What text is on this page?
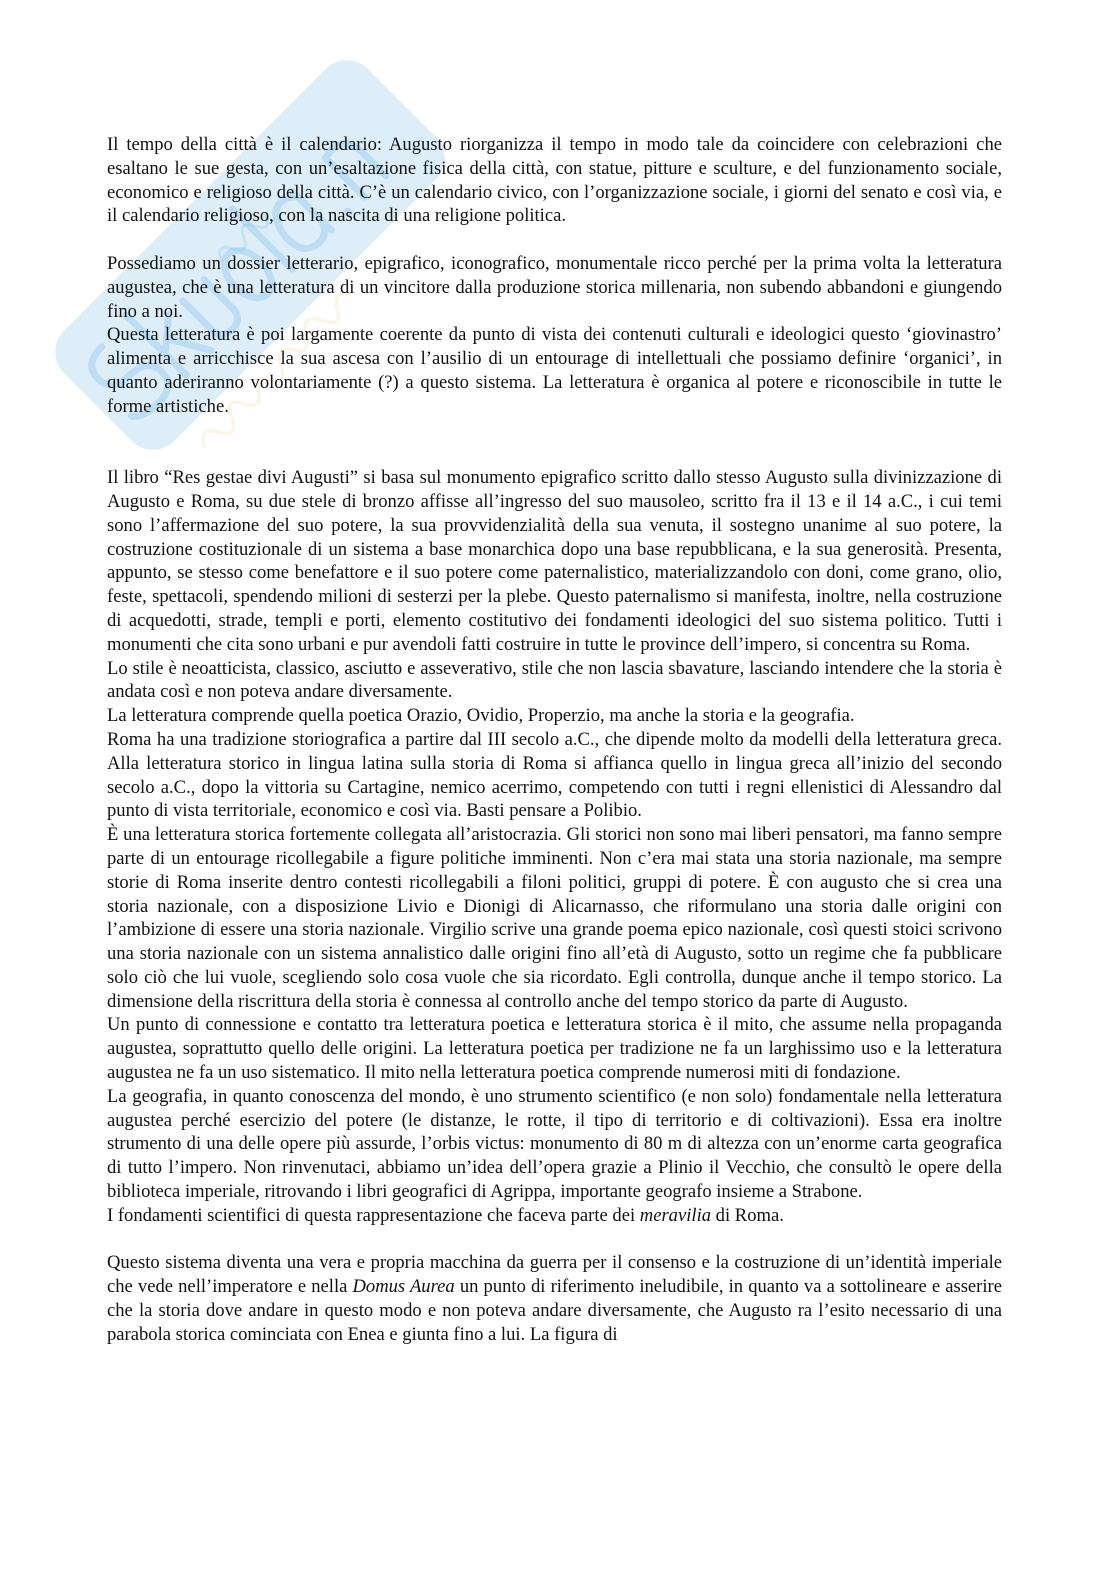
Il tempo della città è il calendario: Augusto riorganizza il tempo in modo tale da coincidere con celebrazioni che esaltano le sue gesta, con un’esaltazione fisica della città, con statue, pitture e sculture, e del funzionamento sociale, economico e religioso della città. C’è un calendario civico, con l’organizzazione sociale, i giorni del senato e così via, e il calendario religioso, con la nascita di una religione politica.

Possediamo un dossier letterario, epigrafico, iconografico, monumentale ricco perché per la prima volta la letteratura augustea, che è una letteratura di un vincitore dalla produzione storica millenaria, non subendo abbandoni e giungendo fino a noi.

Questa letteratura è poi largamente coerente da punto di vista dei contenuti culturali e ideologici questo ‘giovinastro’ alimenta e arricchisce la sua ascesa con l’ausilio di un entourage di intellettuali che possiamo definire ‘organici’, in quanto aderiranno volontariamente (?) a questo sistema. La letteratura è organica al potere e riconoscibile in tutte le forme artistiche.

Il libro “Res gestae divi Augusti” si basa sul monumento epigrafico scritto dallo stesso Augusto sulla divinizzazione di Augusto e Roma, su due stele di bronzo affisse all’ingresso del suo mausoleo, scritto fra il 13 e il 14 a.C., i cui temi sono l’affermazione del suo potere, la sua provvidenzialità della sua venuta, il sostegno unanime al suo potere, la costruzione costituzionale di un sistema a base monarchica dopo una base repubblicana, e la sua generosità. Presenta, appunto, se stesso come benefattore e il suo potere come paternalistico, materializzandolo con doni, come grano, olio, feste, spettacoli, spendendo milioni di sesterzi per la plebe. Questo paternalismo si manifesta, inoltre, nella costruzione di acquedotti, strade, templi e porti, elemento costitutivo dei fondamenti ideologici del suo sistema politico. Tutti i monumenti che cita sono urbani e pur avendoli fatti costruire in tutte le province dell’impero, si concentra su Roma.

Lo stile è neoatticista, classico, asciutto e asseverativo, stile che non lascia sbavature, lasciando intendere che la storia è andata così e non poteva andare diversamente.

La letteratura comprende quella poetica Orazio, Ovidio, Properzio, ma anche la storia e la geografia.

Roma ha una tradizione storiografica a partire dal III secolo a.C., che dipende molto da modelli della letteratura greca. Alla letteratura storico in lingua latina sulla storia di Roma si affianca quello in lingua greca all’inizio del secondo secolo a.C., dopo la vittoria su Cartagine, nemico acerrimo, competendo con tutti i regni ellenistici di Alessandro dal punto di vista territoriale, economico e così via. Basti pensare a Polibio.

È una letteratura storica fortemente collegata all’aristocrazia. Gli storici non sono mai liberi pensatori, ma fanno sempre parte di un entourage ricollegabile a figure politiche imminenti. Non c’era mai stata una storia nazionale, ma sempre storie di Roma inserite dentro contesti ricollegabili a filoni politici, gruppi di potere. È con augusto che si crea una storia nazionale, con a disposizione Livio e Dionigi di Alicarnasso, che riformulano una storia dalle origini con l’ambizione di essere una storia nazionale. Virgilio scrive una grande poema epico nazionale, così questi stoici scrivono una storia nazionale con un sistema annalistico dalle origini fino all’età di Augusto, sotto un regime che fa pubblicare solo ciò che lui vuole, scegliendo solo cosa vuole che sia ricordato. Egli controlla, dunque anche il tempo storico. La dimensione della riscrittura della storia è connessa al controllo anche del tempo storico da parte di Augusto.

Un punto di connessione e contatto tra letteratura poetica e letteratura storica è il mito, che assume nella propaganda augustea, soprattutto quello delle origini. La letteratura poetica per tradizione ne fa un larghissimo uso e la letteratura augustea ne fa un uso sistematico. Il mito nella letteratura poetica comprende numerosi miti di fondazione.

La geografia, in quanto conoscenza del mondo, è uno strumento scientifico (e non solo) fondamentale nella letteratura augustea perché esercizio del potere (le distanze, le rotte, il tipo di territorio e di coltivazioni). Essa era inoltre strumento di una delle opere più assurde, l’orbis victus: monumento di 80 m di altezza con un’enorme carta geografica di tutto l’impero. Non rinvenutaci, abbiamo un’idea dell’opera grazie a Plinio il Vecchio, che consultò le opere della biblioteca imperiale, ritrovando i libri geografici di Agrippa, importante geografo insieme a Strabone.

I fondamenti scientifici di questa rappresentazione che faceva parte dei meravilia di Roma.

Questo sistema diventa una vera e propria macchina da guerra per il consenso e la costruzione di un’identità imperiale che vede nell’imperatore e nella Domus Aurea un punto di riferimento ineludibile, in quanto va a sottolineare e asserire che la storia dove andare in questo modo e non poteva andare diversamente, che Augusto ra l’esito necessario di una parabola storica cominciata con Enea e giunta fino a lui. La figura di
